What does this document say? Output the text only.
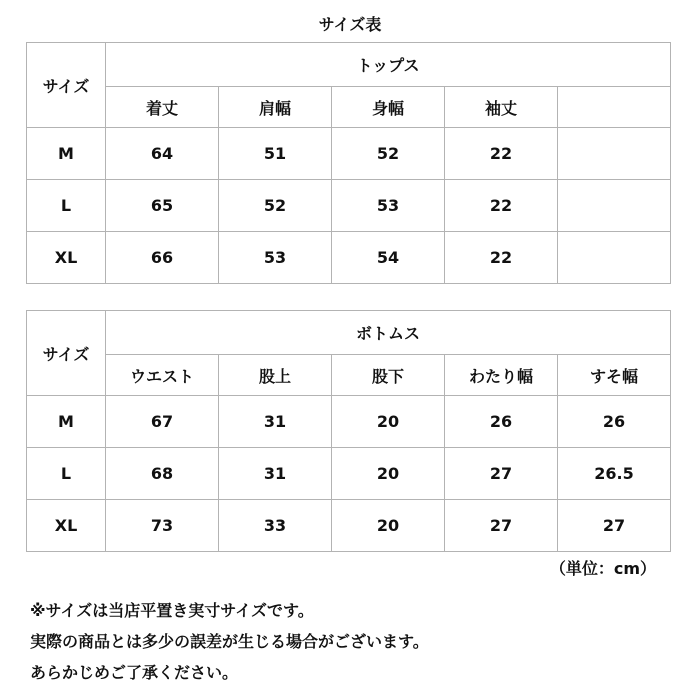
サイズ表
サイズ	トップス				
	着丈	肩幅	身幅	袖丈	
M	64	51	52	22	
L	65	52	53	22	
XL	66	53	54	22	
サイズ	ボトムス				
	ウエスト	股上	股下	わたり幅	すそ幅
M	67	31	20	26	26
L	68	31	20	27	26.5
XL	73	33	20	27	27
（単位：cm）
※サイズは当店平置き実寸サイズです。
実際の商品とは多少の誤差が生じる場合がございます。
あらかじめご了承ください。
